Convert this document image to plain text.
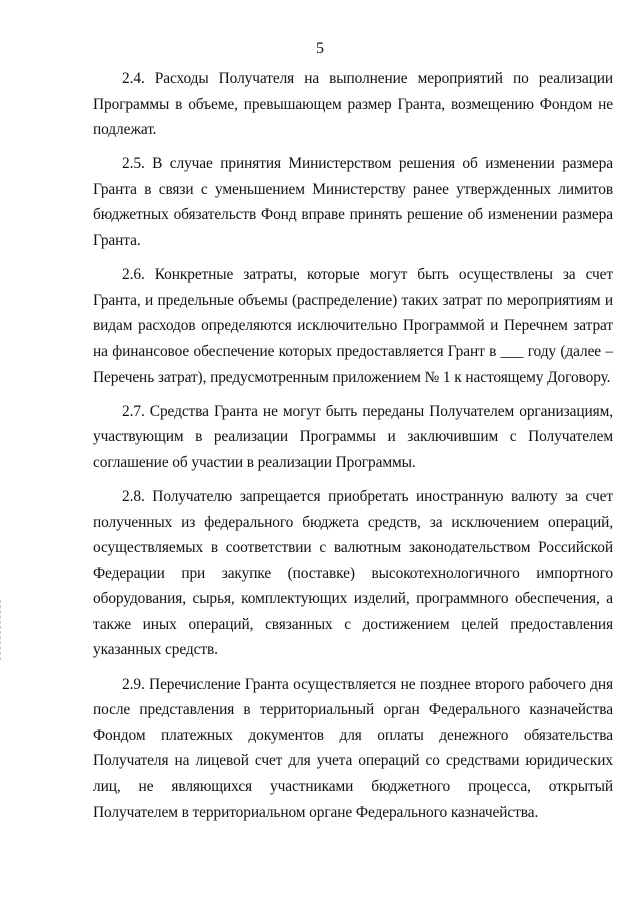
5

2.4. Расходы Получателя на выполнение мероприятий по реализации Программы в объеме, превышающем размер Гранта, возмещению Фондом не подлежат.

2.5. В случае принятия Министерством решения об изменении размера Гранта в связи с уменьшением Министерству ранее утвержденных лимитов бюджетных обязательств Фонд вправе принять решение об изменении размера Гранта.

2.6. Конкретные затраты, которые могут быть осуществлены за счет Гранта, и предельные объемы (распределение) таких затрат по мероприятиям и видам расходов определяются исключительно Программой и Перечнем затрат на финансовое обеспечение которых предоставляется Грант в ___ году (далее – Перечень затрат), предусмотренным приложением № 1 к настоящему Договору.

2.7. Средства Гранта не могут быть переданы Получателем организациям, участвующим в реализации Программы и заключившим с Получателем соглашение об участии в реализации Программы.

2.8. Получателю запрещается приобретать иностранную валюту за счет полученных из федерального бюджета средств, за исключением операций, осуществляемых в соответствии с валютным законодательством Российской Федерации при закупке (поставке) высокотехнологичного импортного оборудования, сырья, комплектующих изделий, программного обеспечения, а также иных операций, связанных с достижением целей предоставления указанных средств.

2.9. Перечисление Гранта осуществляется не позднее второго рабочего дня после представления в территориальный орган Федерального казначейства Фондом платежных документов для оплаты денежного обязательства Получателя на лицевой счет для учета операций со средствами юридических лиц, не являющихся участниками бюджетного процесса, открытый Получателем в территориальном органе Федерального казначейства.
